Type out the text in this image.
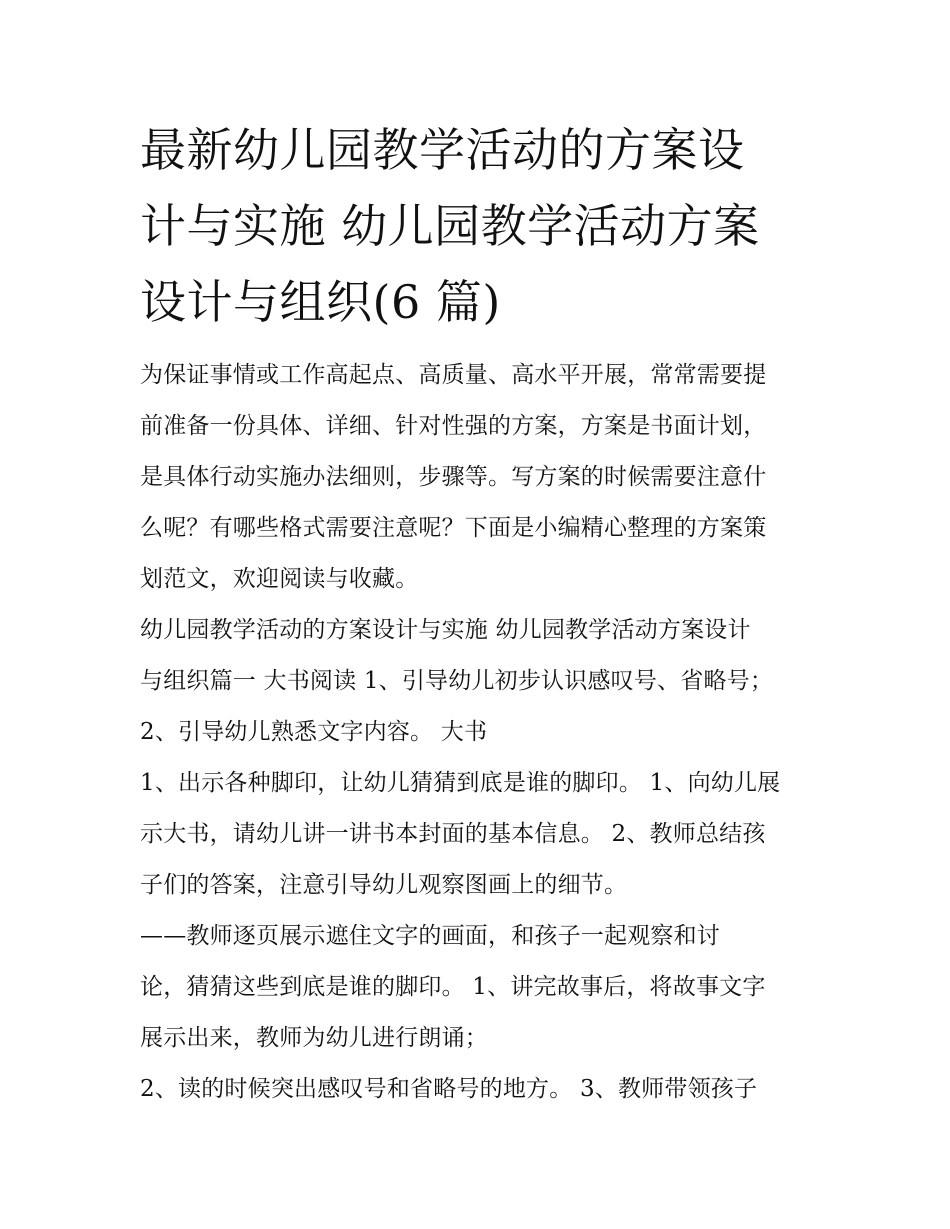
最新幼儿园教学活动的方案设
计与实施 幼儿园教学活动方案
设计与组织(6 篇)
为保证事情或工作高起点、高质量、高水平开展，常常需要提
前准备一份具体、详细、针对性强的方案，方案是书面计划，
是具体行动实施办法细则，步骤等。写方案的时候需要注意什
么呢？有哪些格式需要注意呢？下面是小编精心整理的方案策
划范文，欢迎阅读与收藏。
幼儿园教学活动的方案设计与实施 幼儿园教学活动方案设计
与组织篇一 大书阅读 1、引导幼儿初步认识感叹号、省略号；
2、引导幼儿熟悉文字内容。 大书
1、出示各种脚印，让幼儿猜猜到底是谁的脚印。 1、向幼儿展
示大书，请幼儿讲一讲书本封面的基本信息。 2、教师总结孩
子们的答案，注意引导幼儿观察图画上的细节。
——教师逐页展示遮住文字的画面，和孩子一起观察和讨
论，猜猜这些到底是谁的脚印。 1、讲完故事后，将故事文字
展示出来，教师为幼儿进行朗诵；
2、读的时候突出感叹号和省略号的地方。 3、教师带领孩子
